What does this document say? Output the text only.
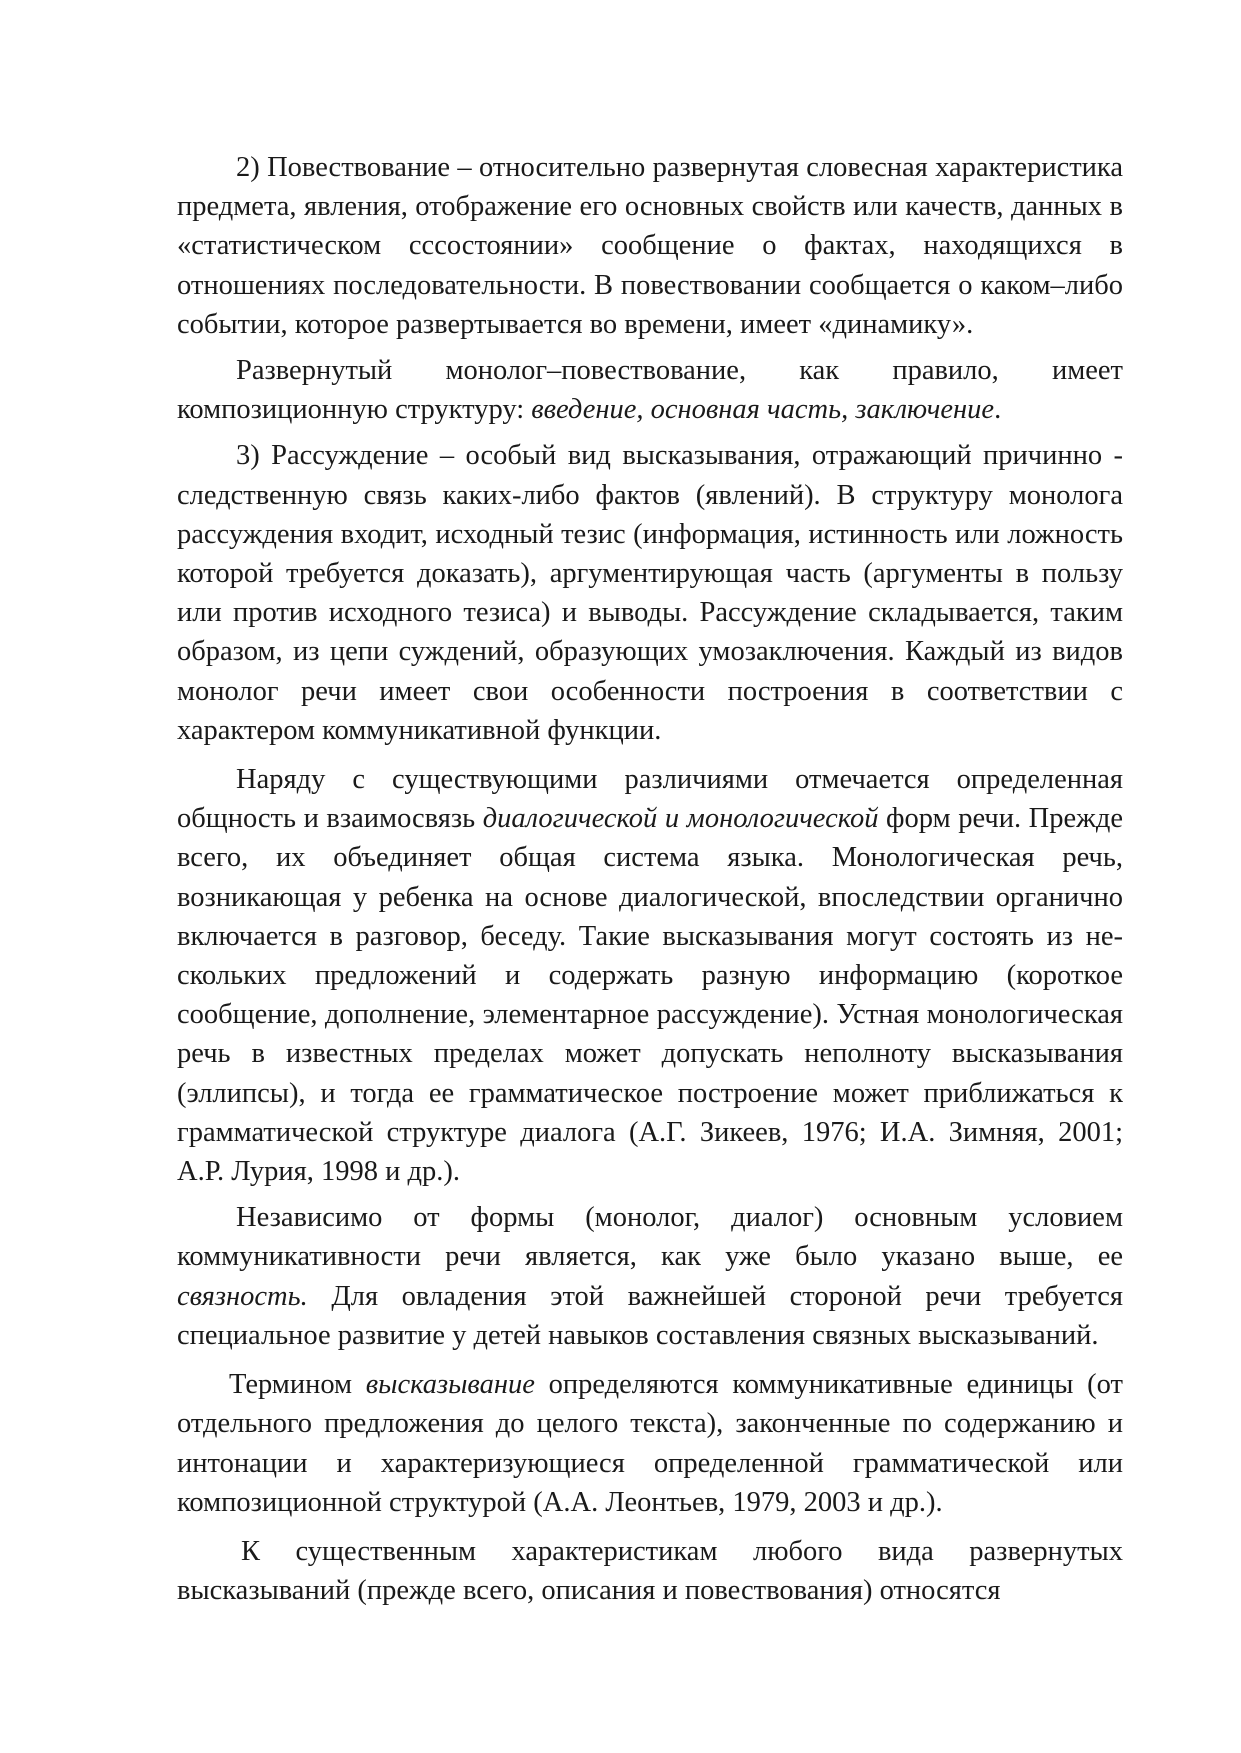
2) Повествование – относительно развернутая словесная характеристика предмета, явления, отображение его основных свойств или качеств, данных в «статистическом сссостоянии» сообщение о фактах, находящихся в отношениях последовательности. В повествовании сообщается о каком–либо событии, которое развертывается во времени, имеет «динамику».

Развернутый монолог–повествование, как правило, имеет композиционную структуру: введение, основная часть, заключение.

3) Рассуждение – особый вид высказывания, отражающий причинно - следственную связь каких-либо фактов (явлений). В структуру монолога рассуждения входит, исходный тезис (информация, истинность или ложность которой требуется доказать), аргументирующая часть (аргументы в пользу или против исходного тезиса) и выводы. Рассуждение складывается, таким образом, из цепи суждений, образующих умозаключения. Каждый из видов монолог речи имеет свои особенности построения в соответствии с характером коммуникативной функции.

Наряду с существующими различиями отмечается определенная общность и взаимосвязь диалогической и монологической форм речи. Прежде всего, их объединяет общая система языка. Монологическая речь, возникающая у ребенка на основе диалогической, впоследствии органично включается в разговор, беседу. Такие высказывания могут состоять из не-скольких предложений и содержать разную информацию (короткое сообщение, дополнение, элементарное рассуждение). Устная монологическая речь в известных пределах может допускать неполноту высказывания (эллипсы), и тогда ее грамматическое построение может приближаться к грамматической структуре диалога (А.Г. Зикеев, 1976; И.А. Зимняя, 2001; А.Р. Лурия, 1998 и др.).

Независимо от формы (монолог, диалог) основным условием коммуникативности речи является, как уже было указано выше, ее связность. Для овладения этой важнейшей стороной речи требуется специальное развитие у детей навыков составления связных высказываний.

Термином высказывание определяются коммуникативные единицы (от отдельного предложения до целого текста), законченные по содержанию и интонации и характеризующиеся определенной грамматической или композиционной структурой (А.А. Леонтьев, 1979, 2003 и др.).

К существенным характеристикам любого вида развернутых высказываний (прежде всего, описания и повествования) относятся
